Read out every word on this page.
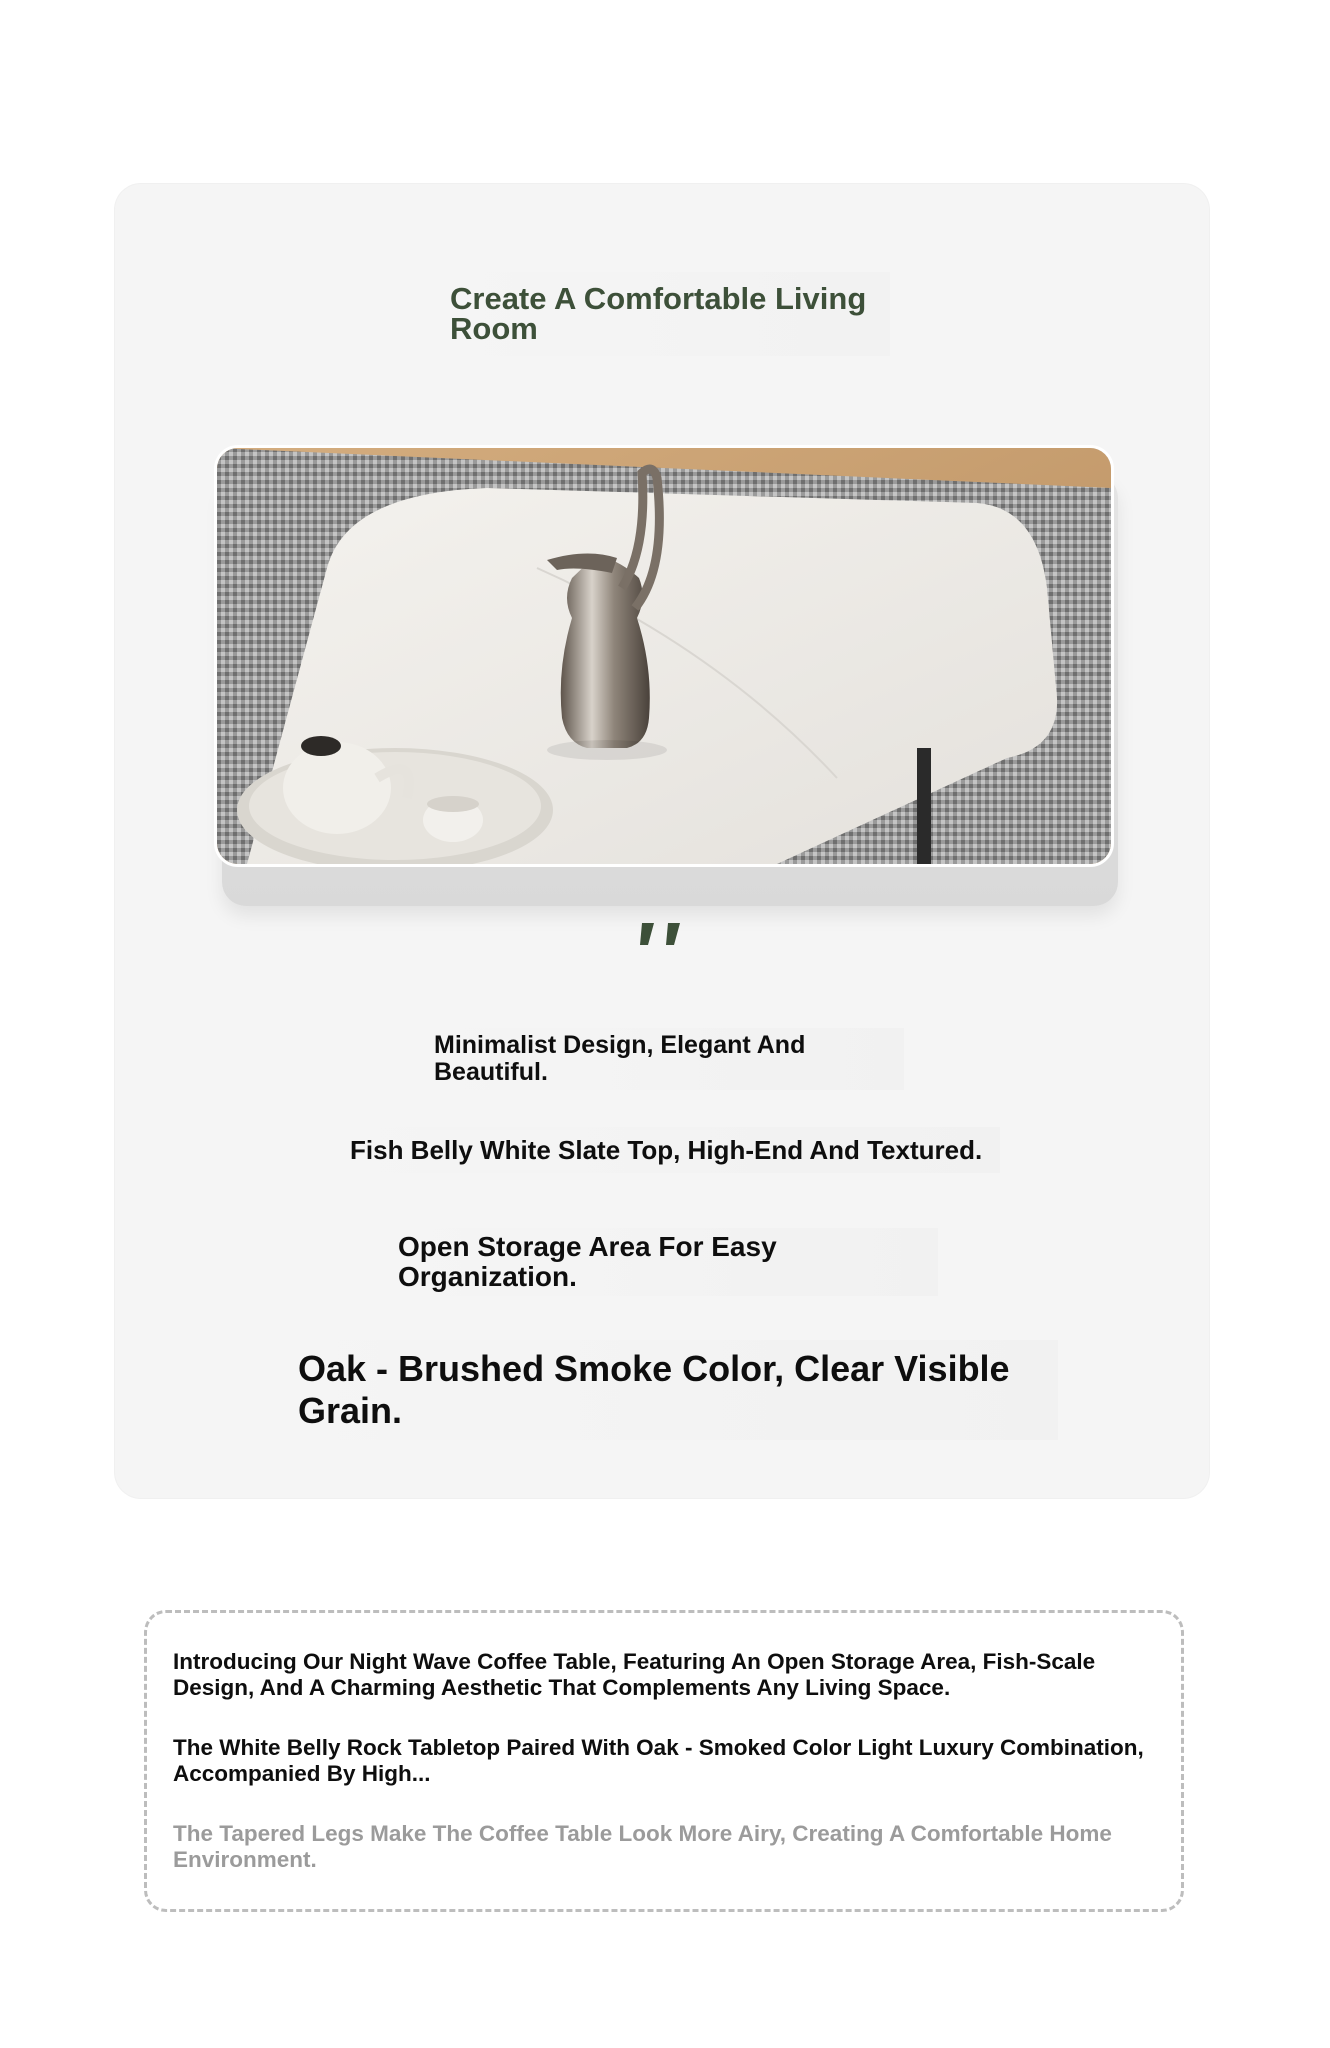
Create A Comfortable Living Room

Minimalist Design, Elegant And Beautiful.

Fish Belly White Slate Top, High-End And Textured.

Open Storage Area For Easy Organization.

Oak - Brushed Smoke Color, Clear Visible Grain.

Introducing Our Night Wave Coffee Table, Featuring An Open Storage Area, Fish-Scale Design, And A Charming Aesthetic That Complements Any Living Space.

The White Belly Rock Tabletop Paired With Oak - Smoked Color Light Luxury Combination, Accompanied By High...

The Tapered Legs Make The Coffee Table Look More Airy, Creating A Comfortable Home Environment.
